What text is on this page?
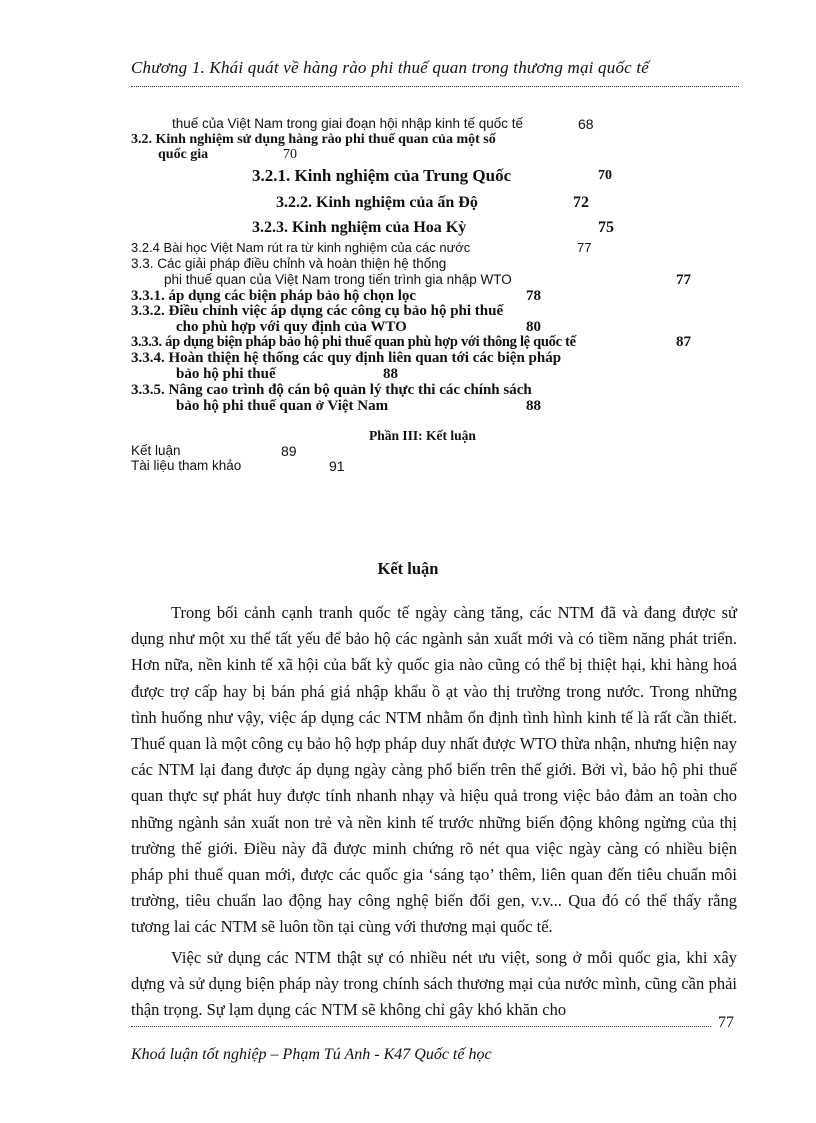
Chương 1. Khái quát về hàng rào phi thuế quan trong thương mại quốc tế
thuế của Việt Nam trong giai đoạn hội nhập kinh tế quốc tế	68
3.2. Kinh nghiệm sử dụng hàng rào phi thuế quan của một số
quốc gia	70
3.2.1. Kinh nghiệm của Trung Quốc	70
3.2.2. Kinh nghiệm của ấn Độ	72
3.2.3. Kinh nghiệm của Hoa Kỳ	75
3.2.4 Bài học Việt Nam rút ra từ kinh nghiệm của các nước	77
3.3. Các giải pháp điều chỉnh và hoàn thiện hệ thống
phi thuế quan của Việt Nam trong tiến trình gia nhập WTO	77
3.3.1. áp dụng các biện pháp bảo hộ chọn lọc	78
3.3.2. Điều chỉnh việc áp dụng các công cụ bảo hộ phi thuế
cho phù hợp với quy định của WTO	80
3.3.3. áp dụng biện pháp bảo hộ phi thuế quan phù hợp với thông lệ quốc tế	87
3.3.4. Hoàn thiện hệ thống các quy định liên quan tới các biện pháp
bảo hộ phi thuế	88
3.3.5. Nâng cao trình độ cán bộ quản lý thực thi các chính sách
bảo hộ phi thuế quan ở Việt Nam	88
Phần III: Kết luận
Kết luận	89
Tài liệu tham khảo	91
Kết luận

Trong bối cảnh cạnh tranh quốc tế ngày càng tăng, các NTM đã và đang được sử dụng như một xu thế tất yếu để bảo hộ các ngành sản xuất mới và có tiềm năng phát triển. Hơn nữa, nền kinh tế xã hội của bất kỳ quốc gia nào cũng có thể bị thiệt hại, khi hàng hoá được trợ cấp hay bị bán phá giá nhập khẩu ồ ạt vào thị trường trong nước. Trong những tình huống như vậy, việc áp dụng các NTM nhằm ổn định tình hình kinh tế là rất cần thiết. Thuế quan là một công cụ bảo hộ hợp pháp duy nhất được WTO thừa nhận, nhưng hiện nay các NTM lại đang được áp dụng ngày càng phổ biến trên thế giới. Bởi vì, bảo hộ phi thuế quan thực sự phát huy được tính nhanh nhạy và hiệu quả trong việc bảo đảm an toàn cho những ngành sản xuất non trẻ và nền kinh tế trước những biến động không ngừng của thị trường thế giới. Điều này đã được minh chứng rõ nét qua việc ngày càng có nhiều biện pháp phi thuế quan mới, được các quốc gia ‘sáng tạo’ thêm, liên quan đến tiêu chuẩn môi trường, tiêu chuẩn lao động hay công nghệ biến đổi gen, v.v... Qua đó có thể thấy rằng tương lai các NTM sẽ luôn tồn tại cùng với thương mại quốc tế.

Việc sử dụng các NTM thật sự có nhiều nét ưu việt, song ở mỗi quốc gia, khi xây dựng và sử dụng biện pháp này trong chính sách thương mại của nước mình, cũng cần phải thận trọng. Sự lạm dụng các NTM sẽ không chỉ gây khó khăn cho

77
Khoá luận tốt nghiệp – Phạm Tú Anh - K47 Quốc tế học
